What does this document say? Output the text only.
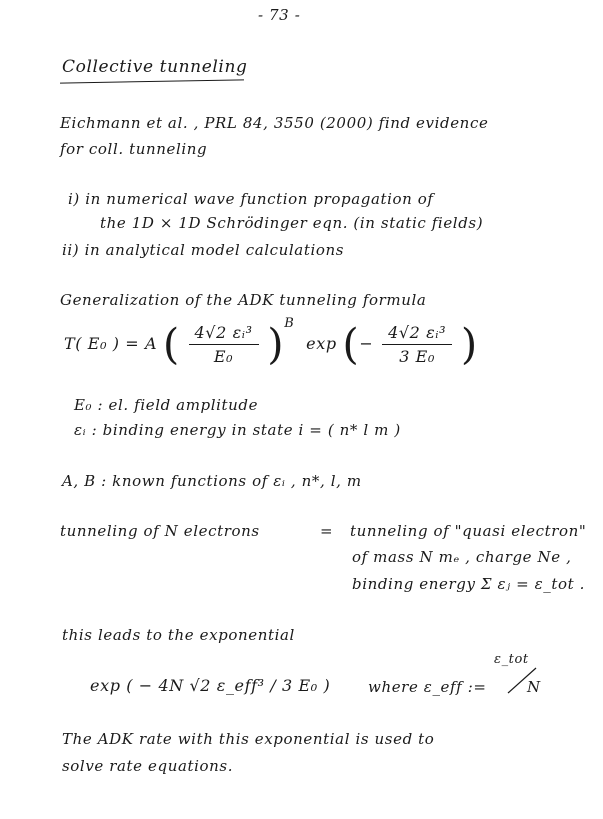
- 73 -
Collective tunneling
Eichmann et al. , PRL 84, 3550 (2000) find evidence
for coll. tunneling
i) in numerical wave function propagation of
the 1D × 1D Schrödinger eqn. (in static fields)
ii) in analytical model calculations
Generalization of the ADK tunneling formula
T( E₀ ) = A ( $\frac{\text{4√2 εᵢ³}}{\text{E₀}} )^B$ exp (− $\frac{\text{4√2 εᵢ³}}{\text{3 E₀}}$ )
E₀ : el. field amplitude
εᵢ : binding energy in state i = ( n* l m )
A, B : known functions of εᵢ , n*, l, m
tunneling of N electrons	= tunneling of "quasi electron"
of mass N mₑ , charge Ne ,
binding energy Σ εⱼ = ε_tot .
this leads to the exponential
exp ( − 4N √2 ε_eff³ / 3 E₀ )	where ε_eff :=
ε_tot
N
The ADK rate with this exponential is used to
solve rate equations.
